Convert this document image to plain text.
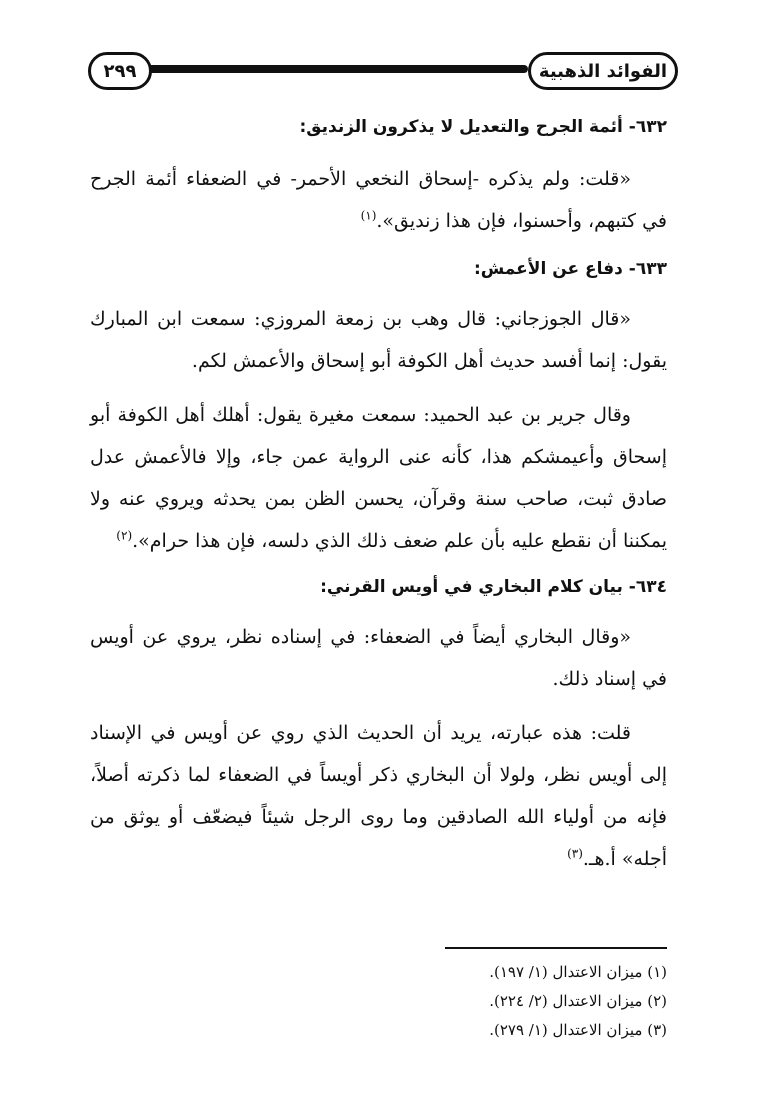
الفوائد الذهبية
٢٩٩
٦٣٢- أئمة الجرح والتعديل لا يذكرون الزنديق:

«قلت: ولم يذكره -إسحاق النخعي الأحمر- في الضعفاء أئمة الجرح في كتبهم، وأحسنوا، فإن هذا زنديق».$^{(١)}$

٦٣٣- دفاع عن الأعمش:

«قال الجوزجاني: قال وهب بن زمعة المروزي: سمعت ابن المبارك يقول: إنما أفسد حديث أهل الكوفة أبو إسحاق والأعمش لكم.

وقال جرير بن عبد الحميد: سمعت مغيرة يقول: أهلك أهل الكوفة أبو إسحاق وأعيمشكم هذا، كأنه عنى الرواية عمن جاء، وإلا فالأعمش عدل صادق ثبت، صاحب سنة وقرآن، يحسن الظن بمن يحدثه ويروي عنه ولا يمكننا أن نقطع عليه بأن علم ضعف ذلك الذي دلسه، فإن هذا حرام».$^{(٢)}$

٦٣٤- بيان كلام البخاري في أويس القرني:

«وقال البخاري أيضاً في الضعفاء: في إسناده نظر، يروي عن أويس في إسناد ذلك.

قلت: هذه عبارته، يريد أن الحديث الذي روي عن أويس في الإسناد إلى أويس نظر، ولولا أن البخاري ذكر أويساً في الضعفاء لما ذكرته أصلاً، فإنه من أولياء الله الصادقين وما روى الرجل شيئاً فيضعّف أو يوثق من أجله» أ.هـ.$^{(٣)}$

(١) ميزان الاعتدال (١/ ١٩٧).
(٢) ميزان الاعتدال (٢/ ٢٢٤).
(٣) ميزان الاعتدال (١/ ٢٧٩).
